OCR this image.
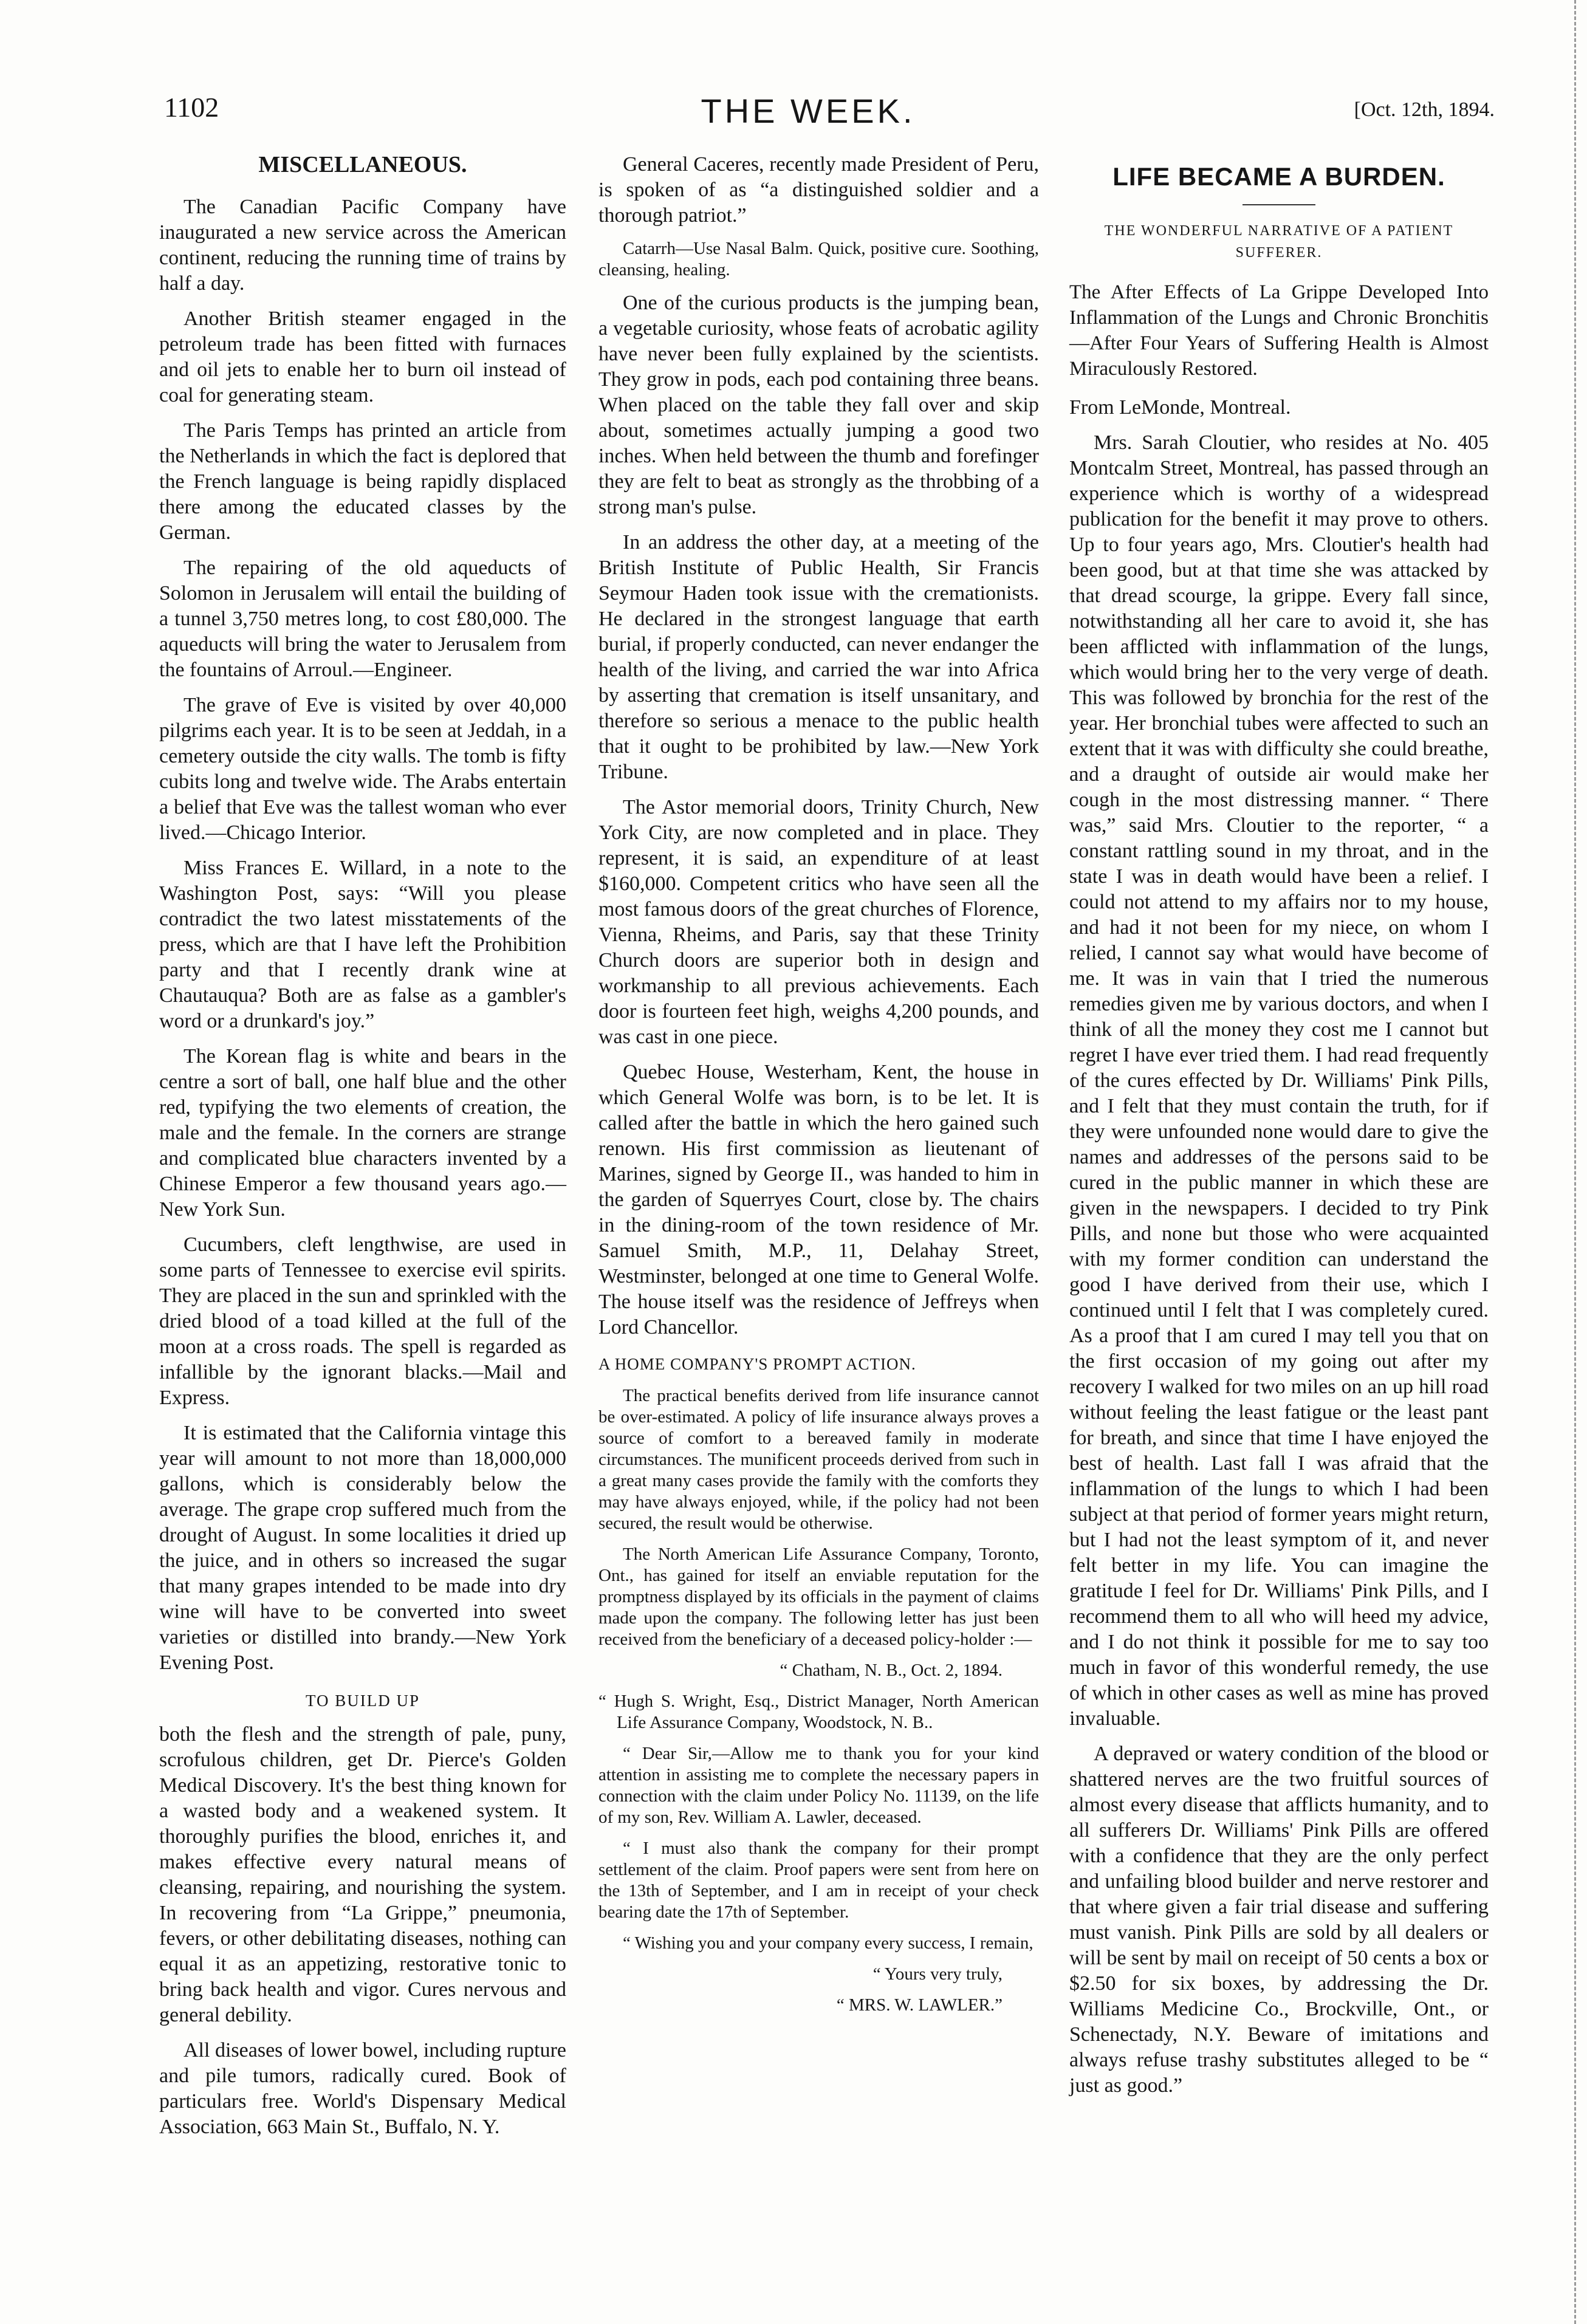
1102	THE WEEK.	[Oct. 12th, 1894.
MISCELLANEOUS.

The Canadian Pacific Company have inaugurated a new service across the American continent, reducing the running time of trains by half a day.

Another British steamer engaged in the petroleum trade has been fitted with furnaces and oil jets to enable her to burn oil instead of coal for generating steam.

The Paris Temps has printed an article from the Netherlands in which the fact is deplored that the French language is being rapidly displaced there among the educated classes by the German.

The repairing of the old aqueducts of Solomon in Jerusalem will entail the building of a tunnel 3,750 metres long, to cost £80,000. The aqueducts will bring the water to Jerusalem from the fountains of Arroul.—Engineer.

The grave of Eve is visited by over 40,000 pilgrims each year. It is to be seen at Jeddah, in a cemetery outside the city walls. The tomb is fifty cubits long and twelve wide. The Arabs entertain a belief that Eve was the tallest woman who ever lived.—Chicago Interior.

Miss Frances E. Willard, in a note to the Washington Post, says: “Will you please contradict the two latest misstatements of the press, which are that I have left the Prohibition party and that I recently drank wine at Chautauqua? Both are as false as a gambler's word or a drunkard's joy.”

The Korean flag is white and bears in the centre a sort of ball, one half blue and the other red, typifying the two elements of creation, the male and the female. In the corners are strange and complicated blue characters invented by a Chinese Emperor a few thousand years ago.—New York Sun.

Cucumbers, cleft lengthwise, are used in some parts of Tennessee to exercise evil spirits. They are placed in the sun and sprinkled with the dried blood of a toad killed at the full of the moon at a cross roads. The spell is regarded as infallible by the ignorant blacks.—Mail and Express.

It is estimated that the California vintage this year will amount to not more than 18,000,000 gallons, which is considerably below the average. The grape crop suffered much from the drought of August. In some localities it dried up the juice, and in others so increased the sugar that many grapes intended to be made into dry wine will have to be converted into sweet varieties or distilled into brandy.—New York Evening Post.

TO BUILD UP

both the flesh and the strength of pale, puny, scrofulous children, get Dr. Pierce's Golden Medical Discovery. It's the best thing known for a wasted body and a weakened system. It thoroughly purifies the blood, enriches it, and makes effective every natural means of cleansing, repairing, and nourishing the system. In recovering from “La Grippe,” pneumonia, fevers, or other debilitating diseases, nothing can equal it as an appetizing, restorative tonic to bring back health and vigor. Cures nervous and general debility.

All diseases of lower bowel, including rupture and pile tumors, radically cured. Book of particulars free. World's Dispensary Medical Association, 663 Main St., Buffalo, N. Y.

General Caceres, recently made President of Peru, is spoken of as “a distinguished soldier and a thorough patriot.”

Catarrh—Use Nasal Balm. Quick, positive cure. Soothing, cleansing, healing.

One of the curious products is the jumping bean, a vegetable curiosity, whose feats of acrobatic agility have never been fully explained by the scientists. They grow in pods, each pod containing three beans. When placed on the table they fall over and skip about, sometimes actually jumping a good two inches. When held between the thumb and forefinger they are felt to beat as strongly as the throbbing of a strong man's pulse.

In an address the other day, at a meeting of the British Institute of Public Health, Sir Francis Seymour Haden took issue with the cremationists. He declared in the strongest language that earth burial, if properly conducted, can never endanger the health of the living, and carried the war into Africa by asserting that cremation is itself unsanitary, and therefore so serious a menace to the public health that it ought to be prohibited by law.—New York Tribune.

The Astor memorial doors, Trinity Church, New York City, are now completed and in place. They represent, it is said, an expenditure of at least $160,000. Competent critics who have seen all the most famous doors of the great churches of Florence, Vienna, Rheims, and Paris, say that these Trinity Church doors are superior both in design and workmanship to all previous achievements. Each door is fourteen feet high, weighs 4,200 pounds, and was cast in one piece.

Quebec House, Westerham, Kent, the house in which General Wolfe was born, is to be let. It is called after the battle in which the hero gained such renown. His first commission as lieutenant of Marines, signed by George II., was handed to him in the garden of Squerryes Court, close by. The chairs in the dining-room of the town residence of Mr. Samuel Smith, M.P., 11, Delahay Street, Westminster, belonged at one time to General Wolfe. The house itself was the residence of Jeffreys when Lord Chancellor.

A HOME COMPANY'S PROMPT ACTION.

The practical benefits derived from life insurance cannot be over-estimated. A policy of life insurance always proves a source of comfort to a bereaved family in moderate circumstances. The munificent proceeds derived from such in a great many cases provide the family with the comforts they may have always enjoyed, while, if the policy had not been secured, the result would be otherwise.

The North American Life Assurance Company, Toronto, Ont., has gained for itself an enviable reputation for the promptness displayed by its officials in the payment of claims made upon the company. The following letter has just been received from the beneficiary of a deceased policy-holder :—

“ Chatham, N. B., Oct. 2, 1894.

“ Hugh S. Wright, Esq., District Manager, North American Life Assurance Company, Woodstock, N. B..

“ Dear Sir,—Allow me to thank you for your kind attention in assisting me to complete the necessary papers in connection with the claim under Policy No. 11139, on the life of my son, Rev. William A. Lawler, deceased.

“ I must also thank the company for their prompt settlement of the claim. Proof papers were sent from here on the 13th of September, and I am in receipt of your check bearing date the 17th of September.

“ Wishing you and your company every success, I remain,

“ Yours very truly,

“ MRS. W. LAWLER.”

LIFE BECAME A BURDEN.
THE WONDERFUL NARRATIVE OF A PATIENT SUFFERER.
The After Effects of La Grippe Developed Into Inflammation of the Lungs and Chronic Bronchitis—After Four Years of Suffering Health is Almost Miraculously Restored.

From LeMonde, Montreal.

Mrs. Sarah Cloutier, who resides at No. 405 Montcalm Street, Montreal, has passed through an experience which is worthy of a widespread publication for the benefit it may prove to others. Up to four years ago, Mrs. Cloutier's health had been good, but at that time she was attacked by that dread scourge, la grippe. Every fall since, notwithstanding all her care to avoid it, she has been afflicted with inflammation of the lungs, which would bring her to the very verge of death. This was followed by bronchia for the rest of the year. Her bronchial tubes were affected to such an extent that it was with difficulty she could breathe, and a draught of outside air would make her cough in the most distressing manner. “ There was,” said Mrs. Cloutier to the reporter, “ a constant rattling sound in my throat, and in the state I was in death would have been a relief. I could not attend to my affairs nor to my house, and had it not been for my niece, on whom I relied, I cannot say what would have become of me. It was in vain that I tried the numerous remedies given me by various doctors, and when I think of all the money they cost me I cannot but regret I have ever tried them. I had read frequently of the cures effected by Dr. Williams' Pink Pills, and I felt that they must contain the truth, for if they were unfounded none would dare to give the names and addresses of the persons said to be cured in the public manner in which these are given in the newspapers. I decided to try Pink Pills, and none but those who were acquainted with my former condition can understand the good I have derived from their use, which I continued until I felt that I was completely cured. As a proof that I am cured I may tell you that on the first occasion of my going out after my recovery I walked for two miles on an up hill road without feeling the least fatigue or the least pant for breath, and since that time I have enjoyed the best of health. Last fall I was afraid that the inflammation of the lungs to which I had been subject at that period of former years might return, but I had not the least symptom of it, and never felt better in my life. You can imagine the gratitude I feel for Dr. Williams' Pink Pills, and I recommend them to all who will heed my advice, and I do not think it possible for me to say too much in favor of this wonderful remedy, the use of which in other cases as well as mine has proved invaluable.

A depraved or watery condition of the blood or shattered nerves are the two fruitful sources of almost every disease that afflicts humanity, and to all sufferers Dr. Williams' Pink Pills are offered with a confidence that they are the only perfect and unfailing blood builder and nerve restorer and that where given a fair trial disease and suffering must vanish. Pink Pills are sold by all dealers or will be sent by mail on receipt of 50 cents a box or $2.50 for six boxes, by addressing the Dr. Williams Medicine Co., Brockville, Ont., or Schenectady, N.Y. Beware of imitations and always refuse trashy substitutes alleged to be “ just as good.”
